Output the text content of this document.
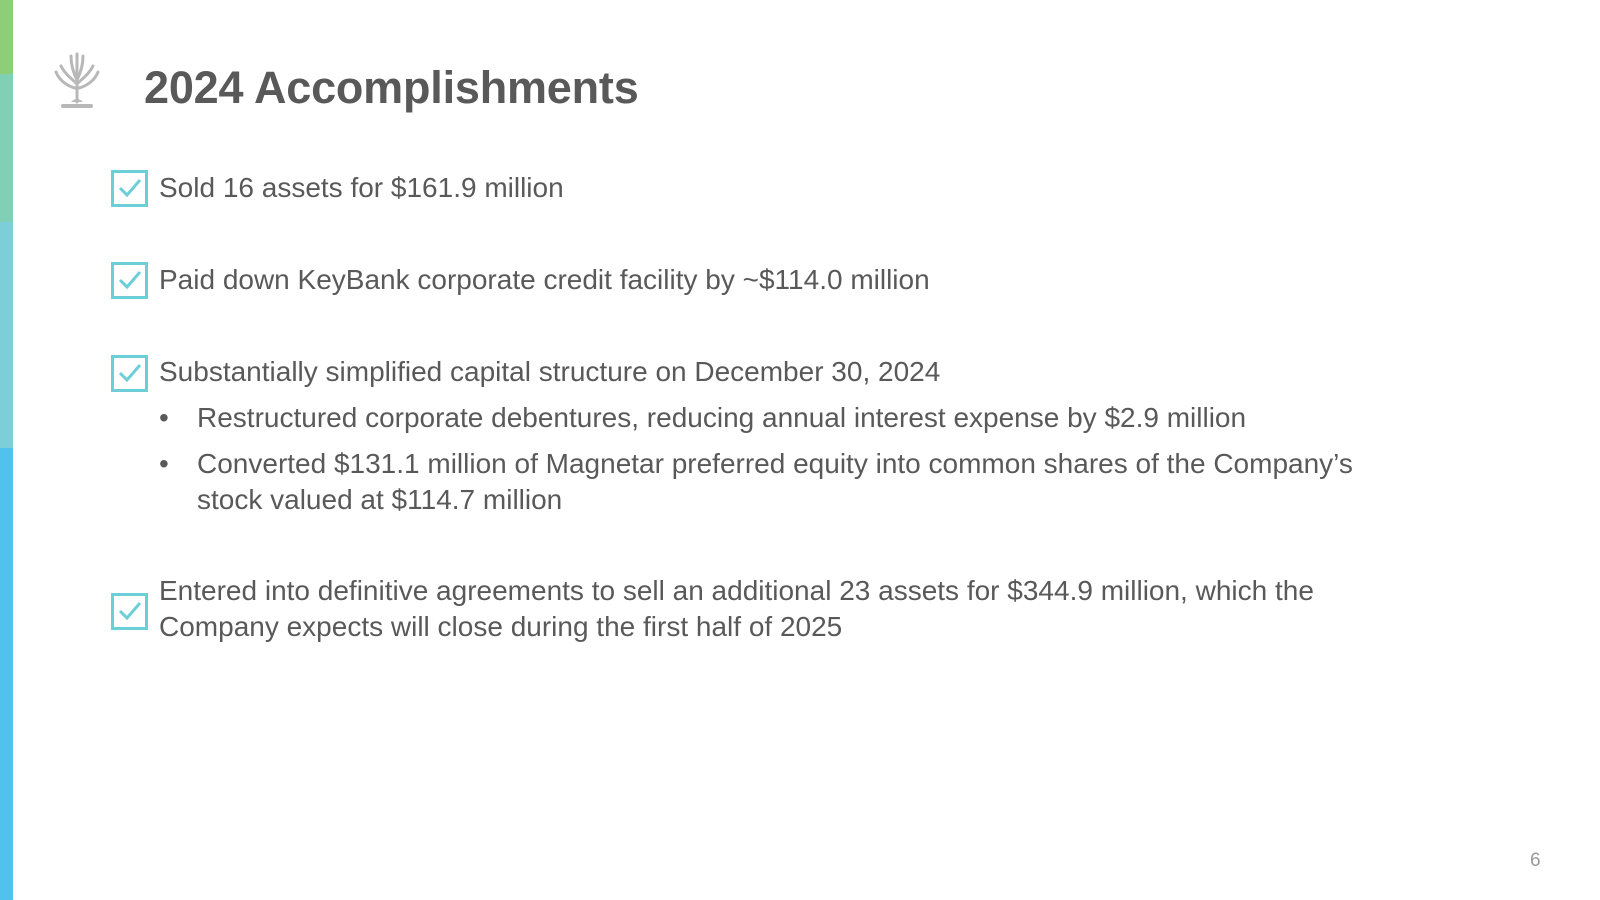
2024 Accomplishments
Sold 16 assets for $161.9 million
Paid down KeyBank corporate credit facility by ~$114.0 million
Substantially simplified capital structure on December 30, 2024
• Restructured corporate debentures, reducing annual interest expense by $2.9 million
• Converted $131.1 million of Magnetar preferred equity into common shares of the Company’s
stock valued at $114.7 million
Entered into definitive agreements to sell an additional 23 assets for $344.9 million, which the
Company expects will close during the first half of 2025
6
